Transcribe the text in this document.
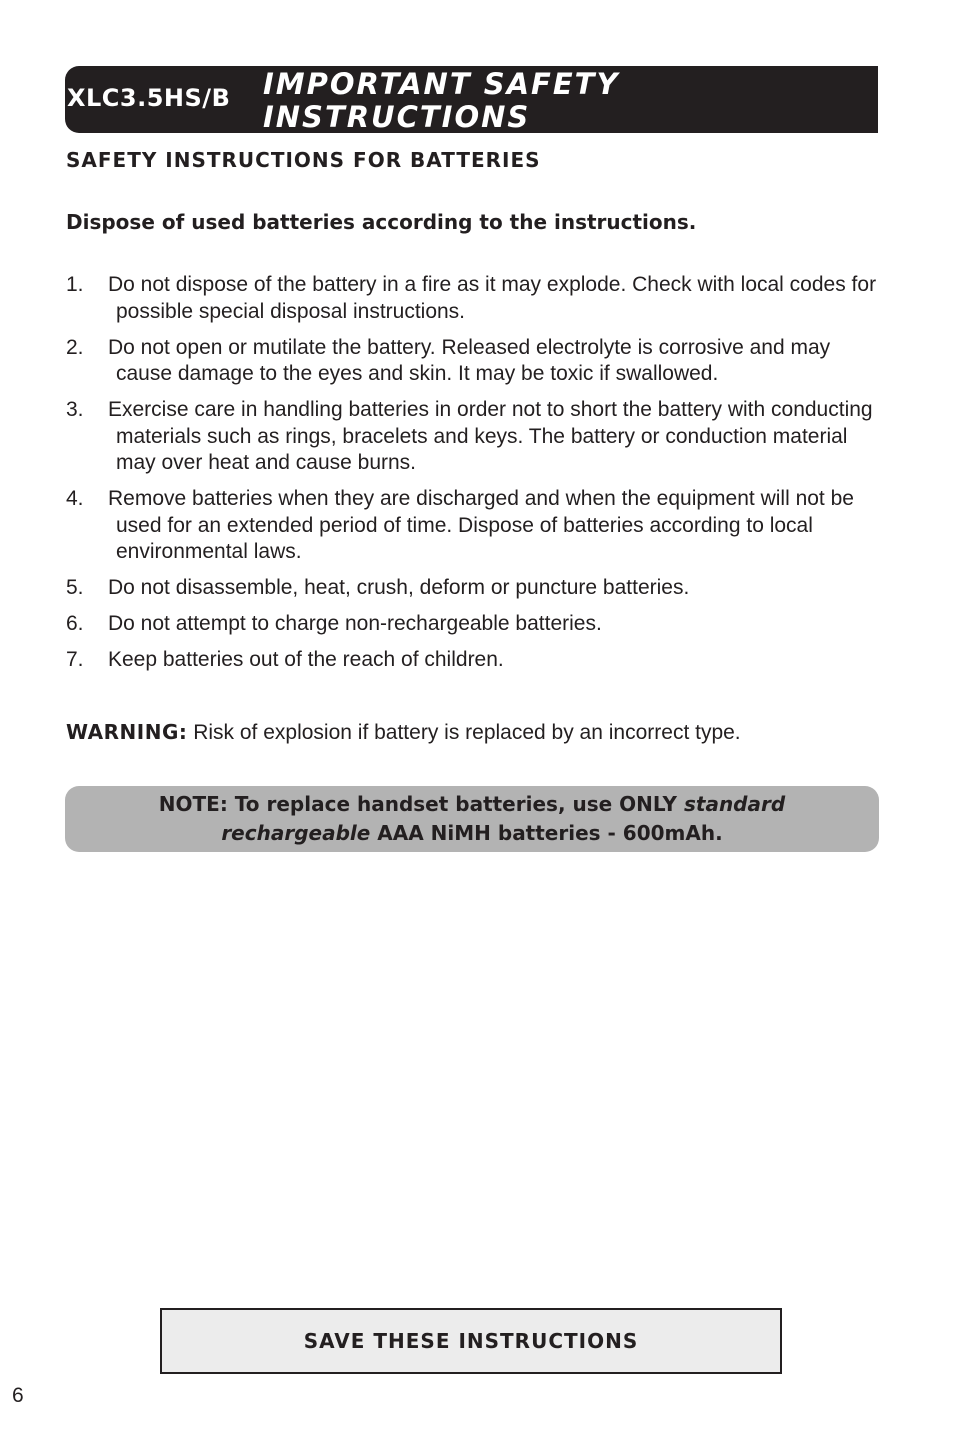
XLC3.5HS/B IMPORTANT SAFETY
INSTRUCTIONS
SAFETY INSTRUCTIONS FOR BATTERIES
Dispose of used batteries according to the instructions.
1. Do not dispose of the battery in a fire as it may explode. Check with local codes for possible special disposal instructions.
2. Do not open or mutilate the battery. Released electrolyte is corrosive and may cause damage to the eyes and skin. It may be toxic if swallowed.
3. Exercise care in handling batteries in order not to short the battery with conducting materials such as rings, bracelets and keys. The battery or conduction material may over heat and cause burns.
4. Remove batteries when they are discharged and when the equipment will not be used for an extended period of time. Dispose of batteries according to local environmental laws.
5. Do not disassemble, heat, crush, deform or puncture batteries.
6. Do not attempt to charge non-rechargeable batteries.
7. Keep batteries out of the reach of children.
WARNING: Risk of explosion if battery is replaced by an incorrect type.
NOTE: To replace handset batteries, use ONLY standard
rechargeable AAA NiMH batteries - 600mAh.
SAVE THESE INSTRUCTIONS
6
